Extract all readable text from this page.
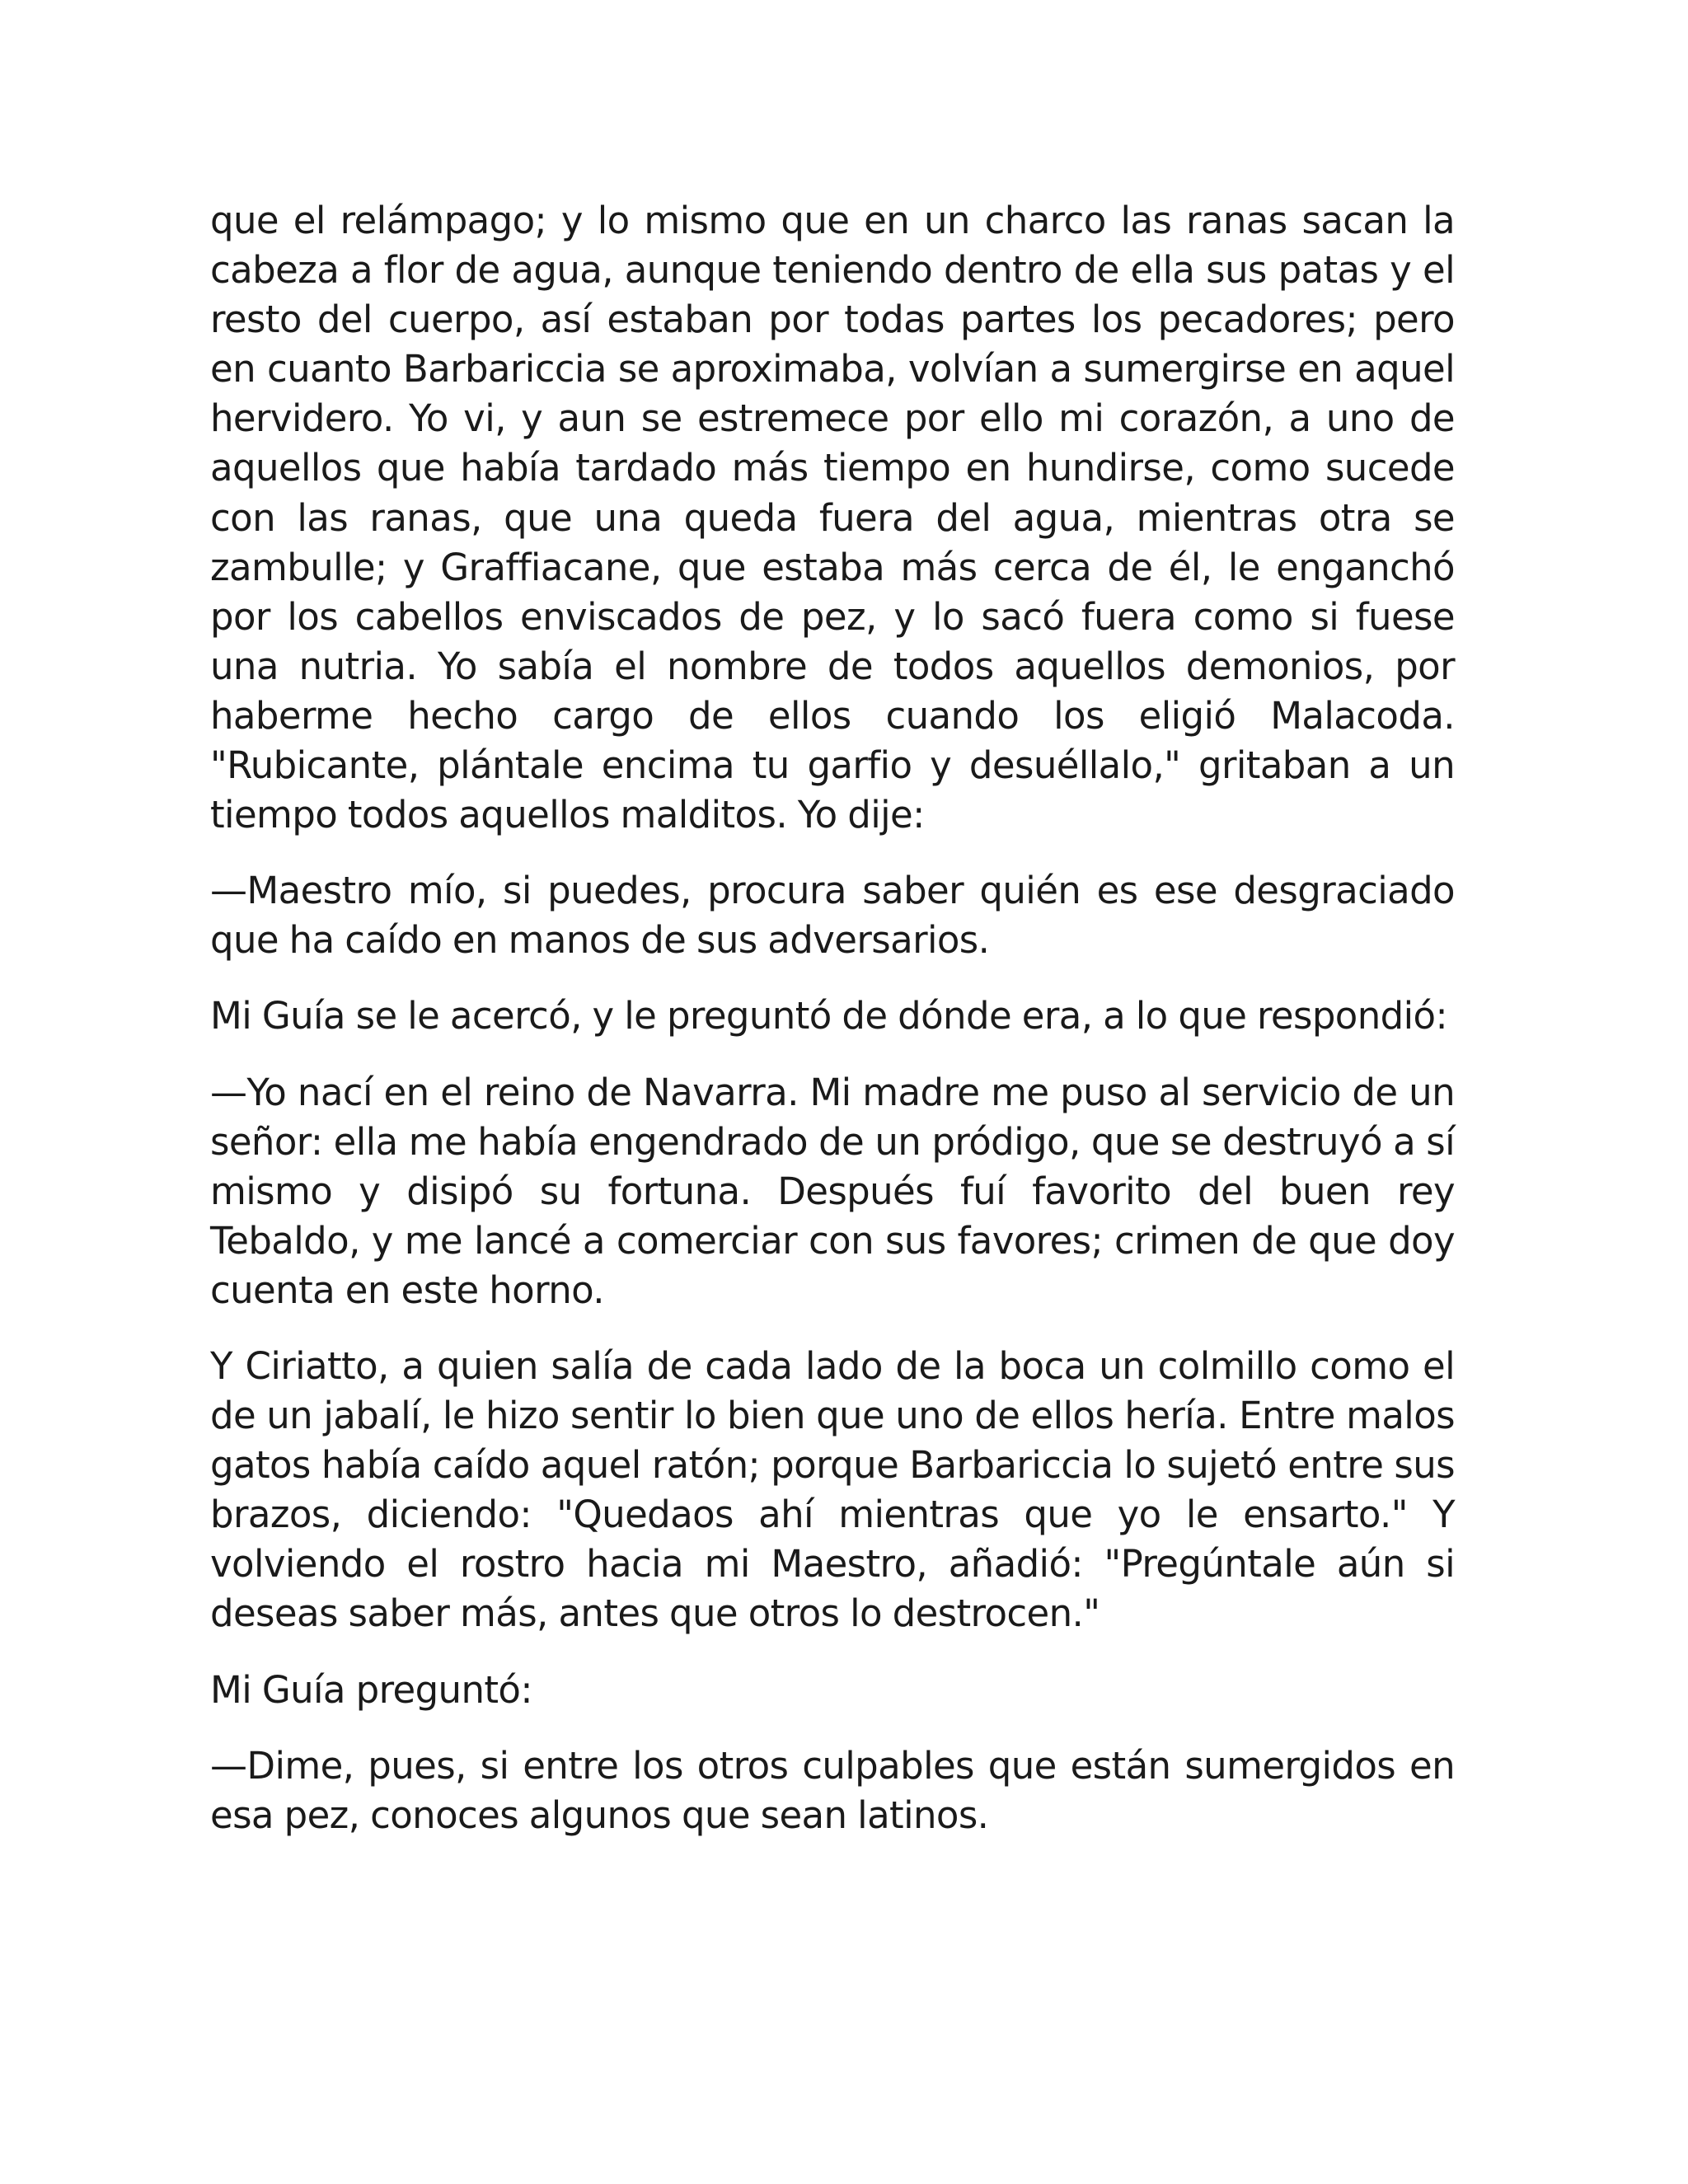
que el relámpago; y lo mismo que en un charco las ranas sacan la cabeza a flor de agua, aunque teniendo dentro de ella sus patas y el resto del cuerpo, así estaban por todas partes los pecadores; pero en cuanto Barbariccia se aproximaba, volvían a sumergirse en aquel hervidero. Yo vi, y aun se estremece por ello mi corazón, a uno de aquellos que había tardado más tiempo en hundirse, como sucede con las ranas, que una queda fuera del agua, mientras otra se zambulle; y Graffiacane, que estaba más cerca de él, le enganchó por los cabellos enviscados de pez, y lo sacó fuera como si fuese una nutria. Yo sabía el nombre de todos aquellos demonios, por haberme hecho cargo de ellos cuando los eligió Malacoda. "Rubicante, plántale encima tu garfio y desuéllalo," gritaban a un tiempo todos aquellos malditos. Yo dije:

—Maestro mío, si puedes, procura saber quién es ese desgraciado que ha caído en manos de sus adversarios.

Mi Guía se le acercó, y le preguntó de dónde era, a lo que respondió:

—Yo nací en el reino de Navarra. Mi madre me puso al servicio de un señor: ella me había engendrado de un pródigo, que se destruyó a sí mismo y disipó su fortuna. Después fuí favorito del buen rey Tebaldo, y me lancé a comerciar con sus favores; crimen de que doy cuenta en este horno.

Y Ciriatto, a quien salía de cada lado de la boca un colmillo como el de un jabalí, le hizo sentir lo bien que uno de ellos hería. Entre malos gatos había caído aquel ratón; porque Barbariccia lo sujetó entre sus brazos, diciendo: "Quedaos ahí mientras que yo le ensarto." Y volviendo el rostro hacia mi Maestro, añadió: "Pregúntale aún si deseas saber más, antes que otros lo destrocen."

Mi Guía preguntó:

—Dime, pues, si entre los otros culpables que están sumergidos en esa pez, conoces algunos que sean latinos.
